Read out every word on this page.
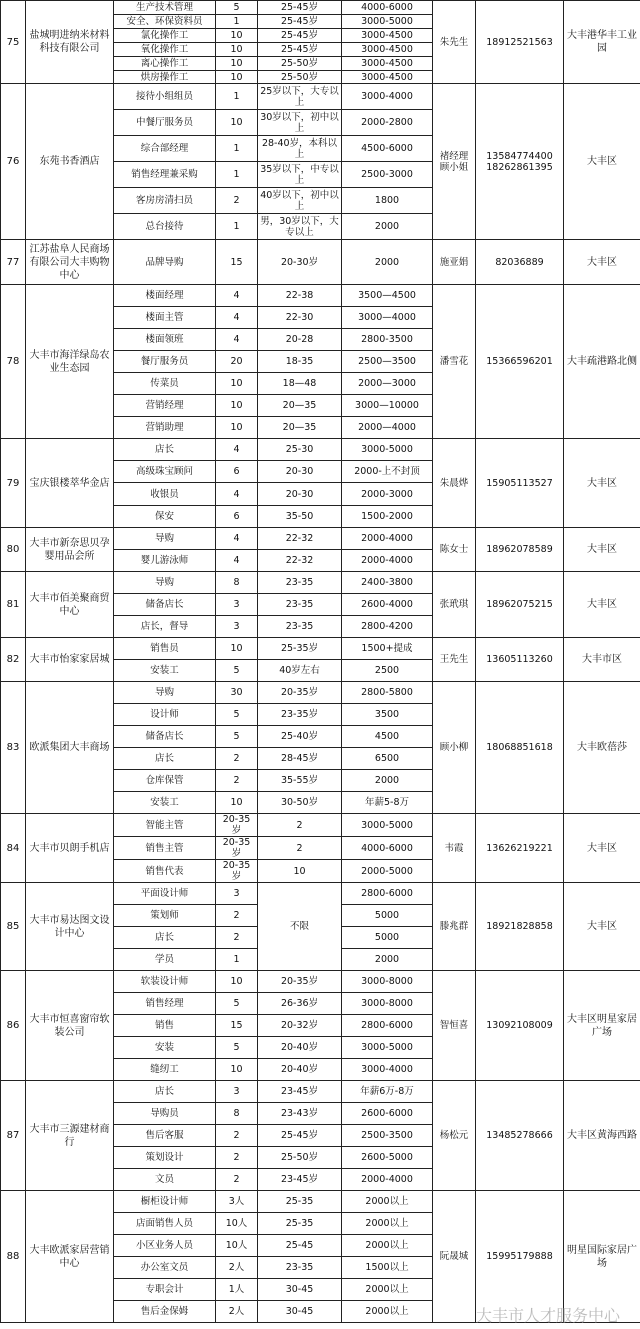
75	盐城明进纳米材料科技有限公司	生产技术管理	5	25-45岁	4000-6000	朱先生	18912521563	大丰港华丰工业园
		安全、环保资料员	1	25-45岁	3000-5000			
		氯化操作工	10	25-45岁	3000-4500			
		氧化操作工	10	25-45岁	3000-4500			
		离心操作工	10	25-50岁	3000-4500			
		烘房操作工	10	25-50岁	3000-4500			
76	东苑书香酒店	接待小组组员	1	25岁以下，大专以上	3000-4000	褚经理 顾小姐	13584774400 18262861395	大丰区
		中餐厅服务员	10	30岁以下，初中以上	2000-2800			
		综合部经理	1	28-40岁，本科以上	4500-6000			
		销售经理兼采购	1	35岁以下，中专以上	2500-3000			
		客房房清扫员	2	40岁以下，初中以上	1800			
		总台接待	1	男，30岁以下，大专以上	2000			
77	江苏盐阜人民商场有限公司大丰购物中心	品牌导购	15	20-30岁	2000	施亚娟	82036889	大丰区
78	大丰市海洋绿岛农业生态园	楼面经理	4	22-38	3500—4500	潘雪花	15366596201	大丰疏港路北侧
		楼面主管	4	22-30	3000—4000			
		楼面领班	4	20-28	2800-3500			
		餐厅服务员	20	18-35	2500—3500			
		传菜员	10	18—48	2000—3000			
		营销经理	10	20—35	3000—10000			
		营销助理	10	20—35	2000—4000			
79	宝庆银楼萃华金店	店长	4	25-30	3000-5000	朱晨烨	15905113527	大丰区
		高级珠宝顾问	6	20-30	2000-上不封顶			
		收银员	4	20-30	2000-3000			
		保安	6	35-50	1500-2000			
80	大丰市新奈思贝孕婴用品会所	导购	4	22-32	2000-4000	陈女士	18962078589	大丰区
		婴儿游泳师	4	22-32	2000-4000			
81	大丰市佰美聚商贸中心	导购	8	23-35	2400-3800	张玳琪	18962075215	大丰区
		储备店长	3	23-35	2600-4000			
		店长，督导	3	23-35	2800-4200			
82	大丰市怡家家居城	销售员	10	25-35岁	1500+提成	王先生	13605113260	大丰市区
		安装工	5	40岁左右	2500			
83	欧派集团大丰商场	导购	30	20-35岁	2800-5800	顾小柳	18068851618	大丰欧蓓莎
		设计师	5	23-35岁	3500			
		储备店长	5	25-40岁	4500			
		店长	2	28-45岁	6500			
		仓库保管	2	35-55岁	2000			
		安装工	10	30-50岁	年薪5-8万			
84	大丰市贝朗手机店	智能主管	20-35岁	2	3000-5000	韦霞	13626219221	大丰区
		销售主管	20-35岁	2	4000-6000			
		销售代表	20-35岁	10	2000-5000			
85	大丰市易达图文设计中心	平面设计师	3	不限	2800-6000	滕兆群	18921828858	大丰区
		策划师	2		5000			
		店长	2		5000			
		学员	1		2000			
86	大丰市恒喜窗帘软装公司	软装设计师	10	20-35岁	3000-8000	智恒喜	13092108009	大丰区明星家居广场
		销售经理	5	26-36岁	3000-8000			
		销售	15	20-32岁	2800-6000			
		安装	5	20-40岁	3000-5000			
		缝纫工	10	20-40岁	3000-4000			
87	大丰市三源建材商行	店长	3	23-45岁	年薪6万-8万	杨松元	13485278666	大丰区黄海西路
		导购员	8	23-43岁	2600-6000			
		售后客服	2	25-45岁	2500-3500			
		策划设计	2	25-50岁	2600-5000			
		文员	2	23-45岁	2000-4000			
88	大丰欧派家居营销中心	橱柜设计师	3人	25-35	2000以上	阮晟城	15995179888	明星国际家居广场
		店面销售人员	10人	25-35	2000以上			
		小区业务人员	10人	25-45	2000以上			
		办公室文员	2人	23-35	1500以上			
		专职会计	1人	30-45	2000以上			
		售后金保姆	2人	30-45	2000以上				大丰市人才服务中心
